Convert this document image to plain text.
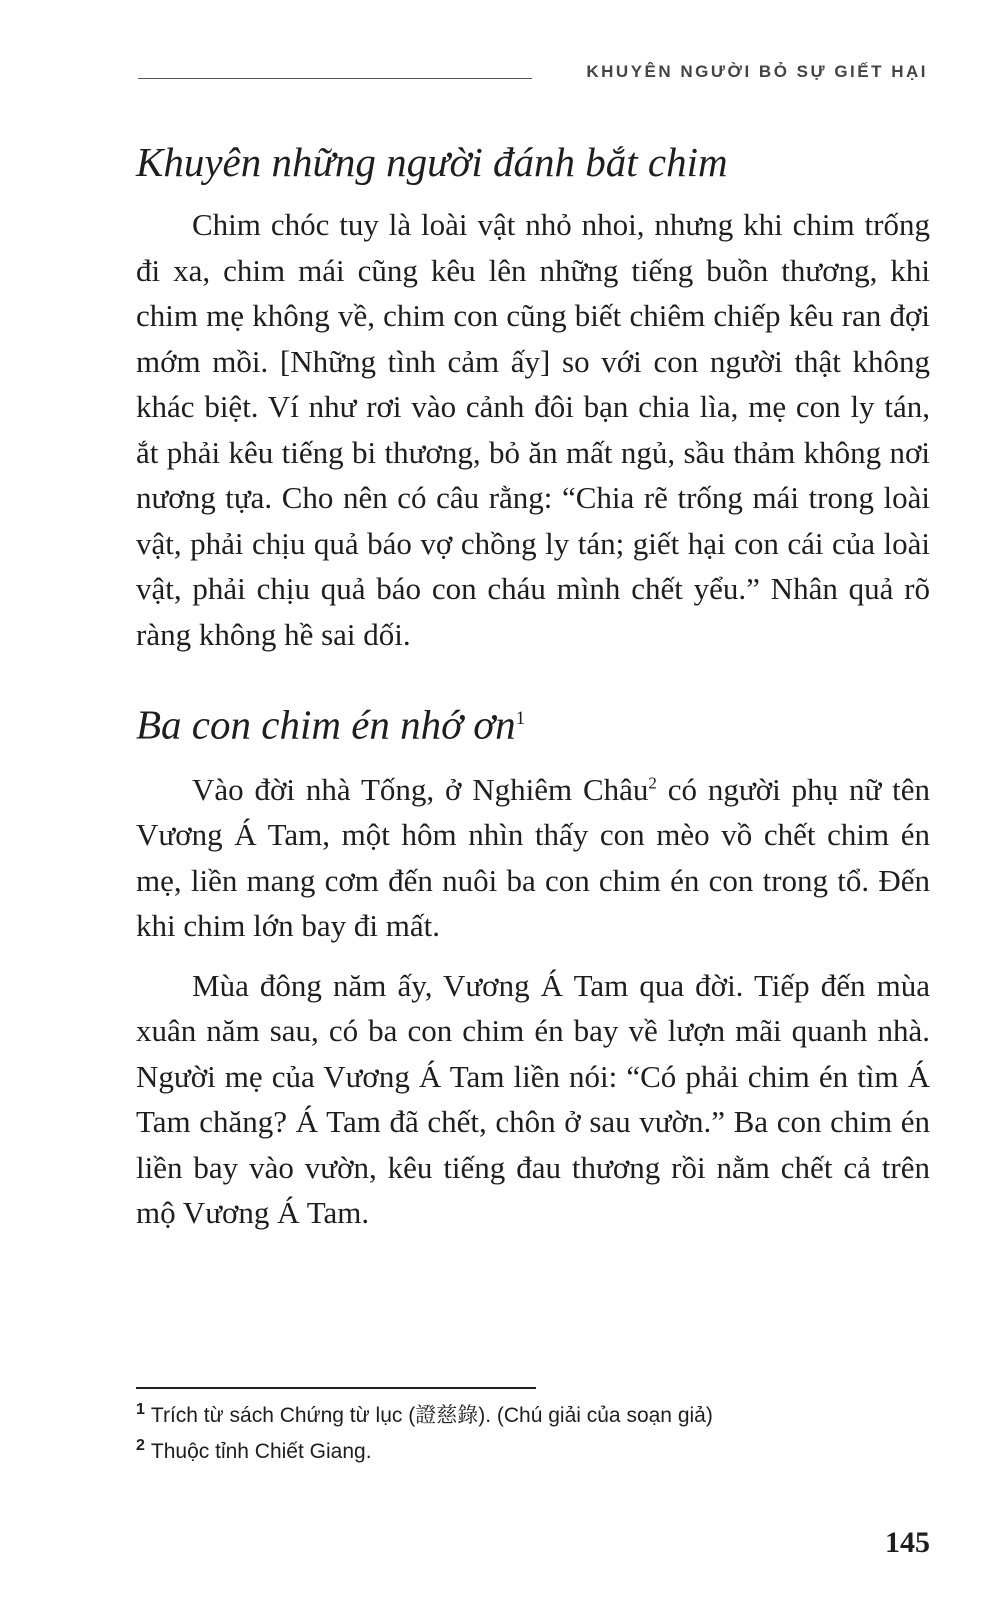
KHUYÊN NGƯỜI BỎ SỰ GIẾT HẠI
Khuyên những người đánh bắt chim

Chim chóc tuy là loài vật nhỏ nhoi, nhưng khi chim trống đi xa, chim mái cũng kêu lên những tiếng buồn thương, khi chim mẹ không về, chim con cũng biết chiêm chiếp kêu ran đợi mớm mồi. [Những tình cảm ấy] so với con người thật không khác biệt. Ví như rơi vào cảnh đôi bạn chia lìa, mẹ con ly tán, ắt phải kêu tiếng bi thương, bỏ ăn mất ngủ, sầu thảm không nơi nương tựa. Cho nên có câu rằng: “Chia rẽ trống mái trong loài vật, phải chịu quả báo vợ chồng ly tán; giết hại con cái của loài vật, phải chịu quả báo con cháu mình chết yểu.” Nhân quả rõ ràng không hề sai dối.

Ba con chim én nhớ $ơn^1$

Vào đời nhà Tống, ở Nghiêm Châu$^2$ có người phụ nữ tên Vương Á Tam, một hôm nhìn thấy con mèo vồ chết chim én mẹ, liền mang cơm đến nuôi ba con chim én con trong tổ. Đến khi chim lớn bay đi mất.

Mùa đông năm ấy, Vương Á Tam qua đời. Tiếp đến mùa xuân năm sau, có ba con chim én bay về lượn mãi quanh nhà. Người mẹ của Vương Á Tam liền nói: “Có phải chim én tìm Á Tam chăng? Á Tam đã chết, chôn ở sau vườn.” Ba con chim én liền bay vào vườn, kêu tiếng đau thương rồi nằm chết cả trên mộ Vương Á Tam.

$^1$ Trích từ sách Chứng từ lục (證慈錄). (Chú giải của soạn giả)
$^2$ Thuộc tỉnh Chiết Giang.
145
